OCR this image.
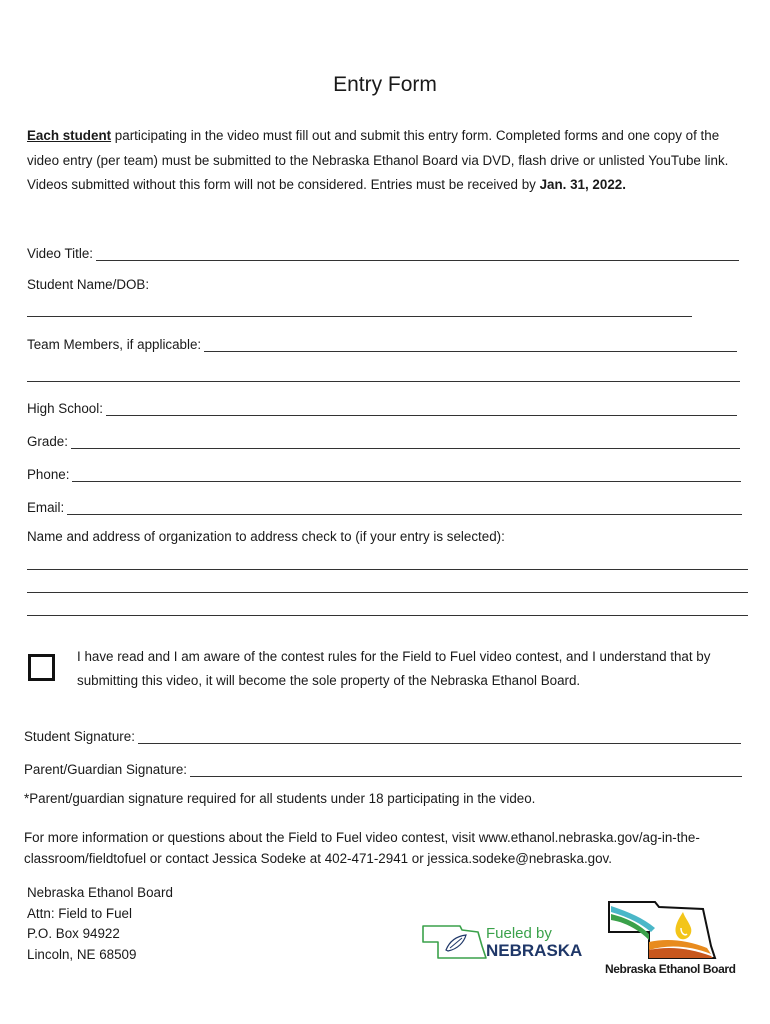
Entry Form
Each student participating in the video must fill out and submit this entry form. Completed forms and one copy of the video entry (per team) must be submitted to the Nebraska Ethanol Board via DVD, flash drive or unlisted YouTube link. Videos submitted without this form will not be considered. Entries must be received by Jan. 31, 2022.
Video Title:
Student Name/DOB:
Team Members, if applicable:
High School:
Grade:
Phone:
Email:
Name and address of organization to address check to (if your entry is selected):
I have read and I am aware of the contest rules for the Field to Fuel video contest, and I understand that by submitting this video, it will become the sole property of the Nebraska Ethanol Board.
Student Signature:
Parent/Guardian Signature:
*Parent/guardian signature required for all students under 18 participating in the video.
For more information or questions about the Field to Fuel video contest, visit www.ethanol.nebraska.gov/ag-in-the-classroom/fieldtofuel or contact Jessica Sodeke at 402-471-2941 or jessica.sodeke@nebraska.gov.
Nebraska Ethanol Board
Attn: Field to Fuel
P.O. Box 94922
Lincoln, NE 68509
Fueled by
NEBRASKA
Nebraska Ethanol Board
